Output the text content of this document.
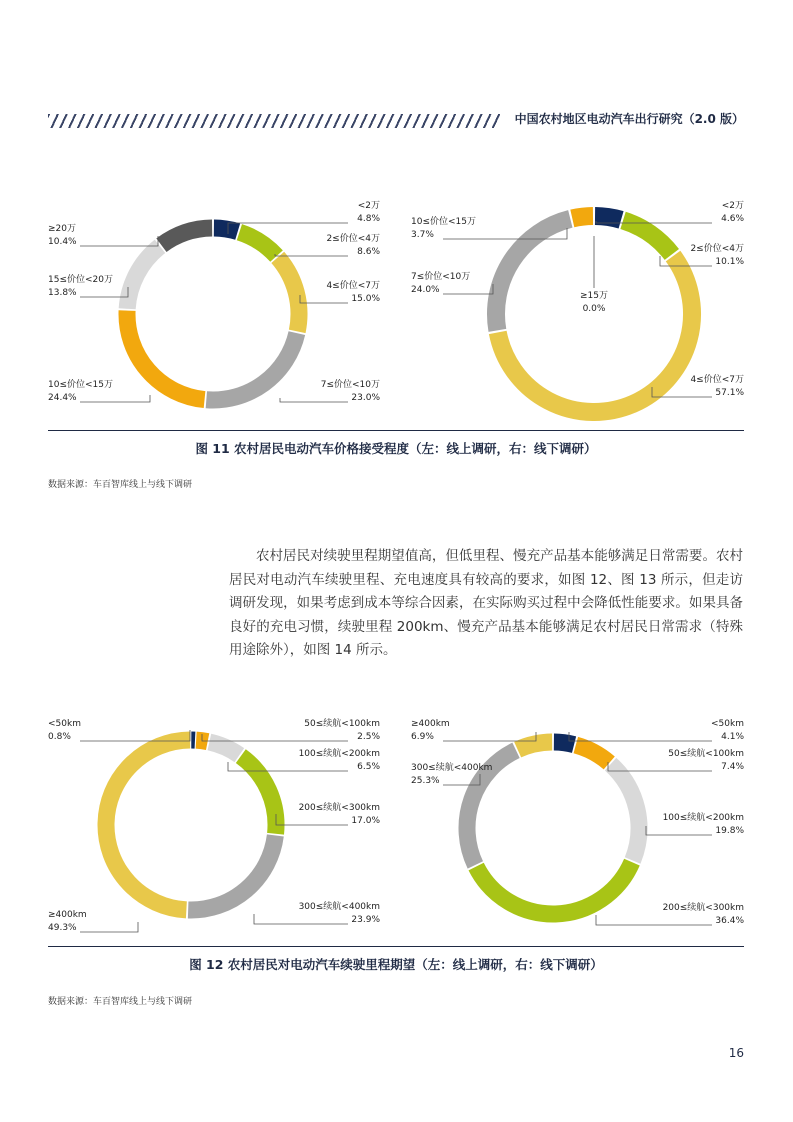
中国农村地区电动汽车出行研究（2.0 版）
<2万
4.8%
2≤价位<4万
8.6%
4≤价位<7万
15.0%
7≤价位<10万
23.0%
10≤价位<15万
24.4%
15≤价位<20万
13.8%
≥20万
10.4%
<2万
4.6%
2≤价位<4万
10.1%
4≤价位<7万
57.1%
7≤价位<10万
24.0%
10≤价位<15万
3.7%
≥15万
0.0%
图 11 农村居民电动汽车价格接受程度（左：线上调研，右：线下调研）
数据来源：车百智库线上与线下调研
农村居民对续驶里程期望值高，但低里程、慢充产品基本能够满足日常需要。农村居民对电动汽车续驶里程、充电速度具有较高的要求，如图 12、图 13 所示，但走访调研发现，如果考虑到成本等综合因素，在实际购买过程中会降低性能要求。如果具备良好的充电习惯，续驶里程 200km、慢充产品基本能够满足农村居民日常需求（特殊用途除外），如图 14 所示。
<50km
0.8%
50≤续航<100km
2.5%
100≤续航<200km
6.5%
200≤续航<300km
17.0%
300≤续航<400km
23.9%
≥400km
49.3%
<50km
4.1%
50≤续航<100km
7.4%
100≤续航<200km
19.8%
200≤续航<300km
36.4%
300≤续航<400km
25.3%
≥400km
6.9%
图 12 农村居民对电动汽车续驶里程期望（左：线上调研，右：线下调研）
数据来源：车百智库线上与线下调研
16
